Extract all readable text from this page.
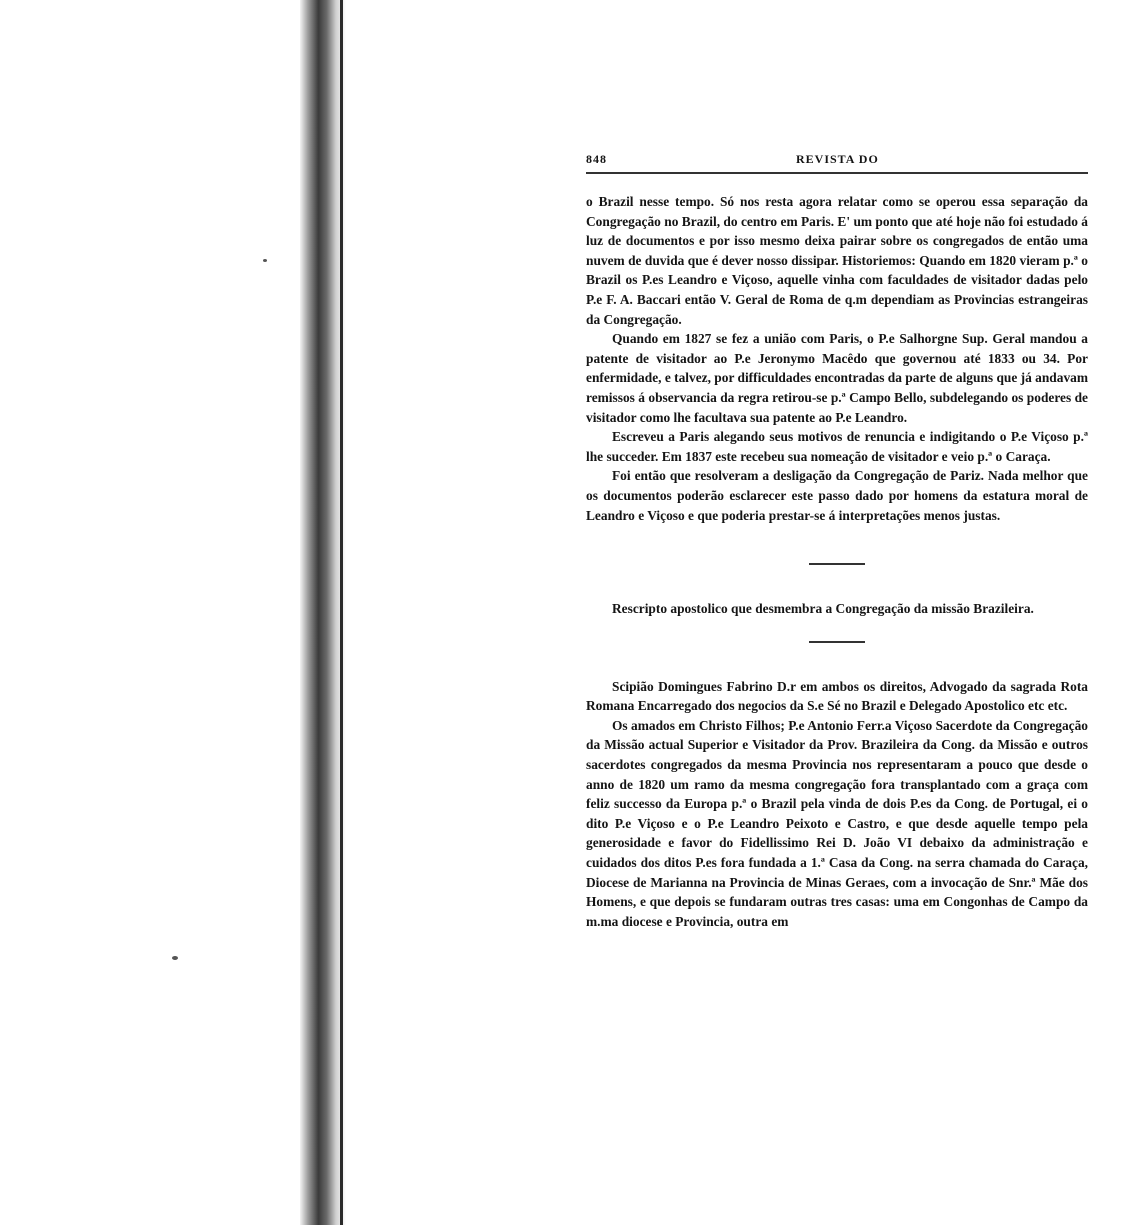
848	REVISTA DO

o Brazil nesse tempo. Só nos resta agora relatar como se operou essa separação da Congregação no Brazil, do centro em Paris. E' um ponto que até hoje não foi estudado á luz de documentos e por isso mesmo deixa pairar sobre os congregados de então uma nuvem de duvida que é dever nosso dissipar. Historiemos: Quando em 1820 vieram p.ª o Brazil os P.es Leandro e Viçoso, aquelle vinha com faculdades de visitador dadas pelo P.e F. A. Baccari então V. Geral de Roma de q.m dependiam as Provincias estrangeiras da Congregação.

Quando em 1827 se fez a união com Paris, o P.e Salhorgne Sup. Geral mandou a patente de visitador ao P.e Jeronymo Macêdo que governou até 1833 ou 34. Por enfermidade, e talvez, por difficuldades encontradas da parte de alguns que já andavam remissos á observancia da regra retirou-se p.ª Campo Bello, subdelegando os poderes de visitador como lhe facultava sua patente ao P.e Leandro.

Escreveu a Paris alegando seus motivos de renuncia e indigitando o P.e Viçoso p.ª lhe succeder. Em 1837 este recebeu sua nomeação de visitador e veio p.ª o Caraça.

Foi então que resolveram a desligação da Congregação de Pariz. Nada melhor que os documentos poderão esclarecer este passo dado por homens da estatura moral de Leandro e Viçoso e que poderia prestar-se á interpretações menos justas.

Rescripto apostolico que desmembra a Congregação da missão Brazileira.

Scipião Domingues Fabrino D.r em ambos os direitos, Advogado da sagrada Rota Romana Encarregado dos negocios da S.e Sé no Brazil e Delegado Apostolico etc etc.

Os amados em Christo Filhos; P.e Antonio Ferr.a Viçoso Sacerdote da Congregação da Missão actual Superior e Visitador da Prov. Brazileira da Cong. da Missão e outros sacerdotes congregados da mesma Provincia nos representaram a pouco que desde o anno de 1820 um ramo da mesma congregação fora transplantado com a graça com feliz successo da Europa p.ª o Brazil pela vinda de dois P.es da Cong. de Portugal, ei o dito P.e Viçoso e o P.e Leandro Peixoto e Castro, e que desde aquelle tempo pela generosidade e favor do Fidellissimo Rei D. João VI debaixo da administração e cuidados dos ditos P.es fora fundada a 1.ª Casa da Cong. na serra chamada do Caraça, Diocese de Marianna na Provincia de Minas Geraes, com a invocação de Snr.ª Mãe dos Homens, e que depois se fundaram outras tres casas: uma em Congonhas de Campo da m.ma diocese e Provincia, outra em
